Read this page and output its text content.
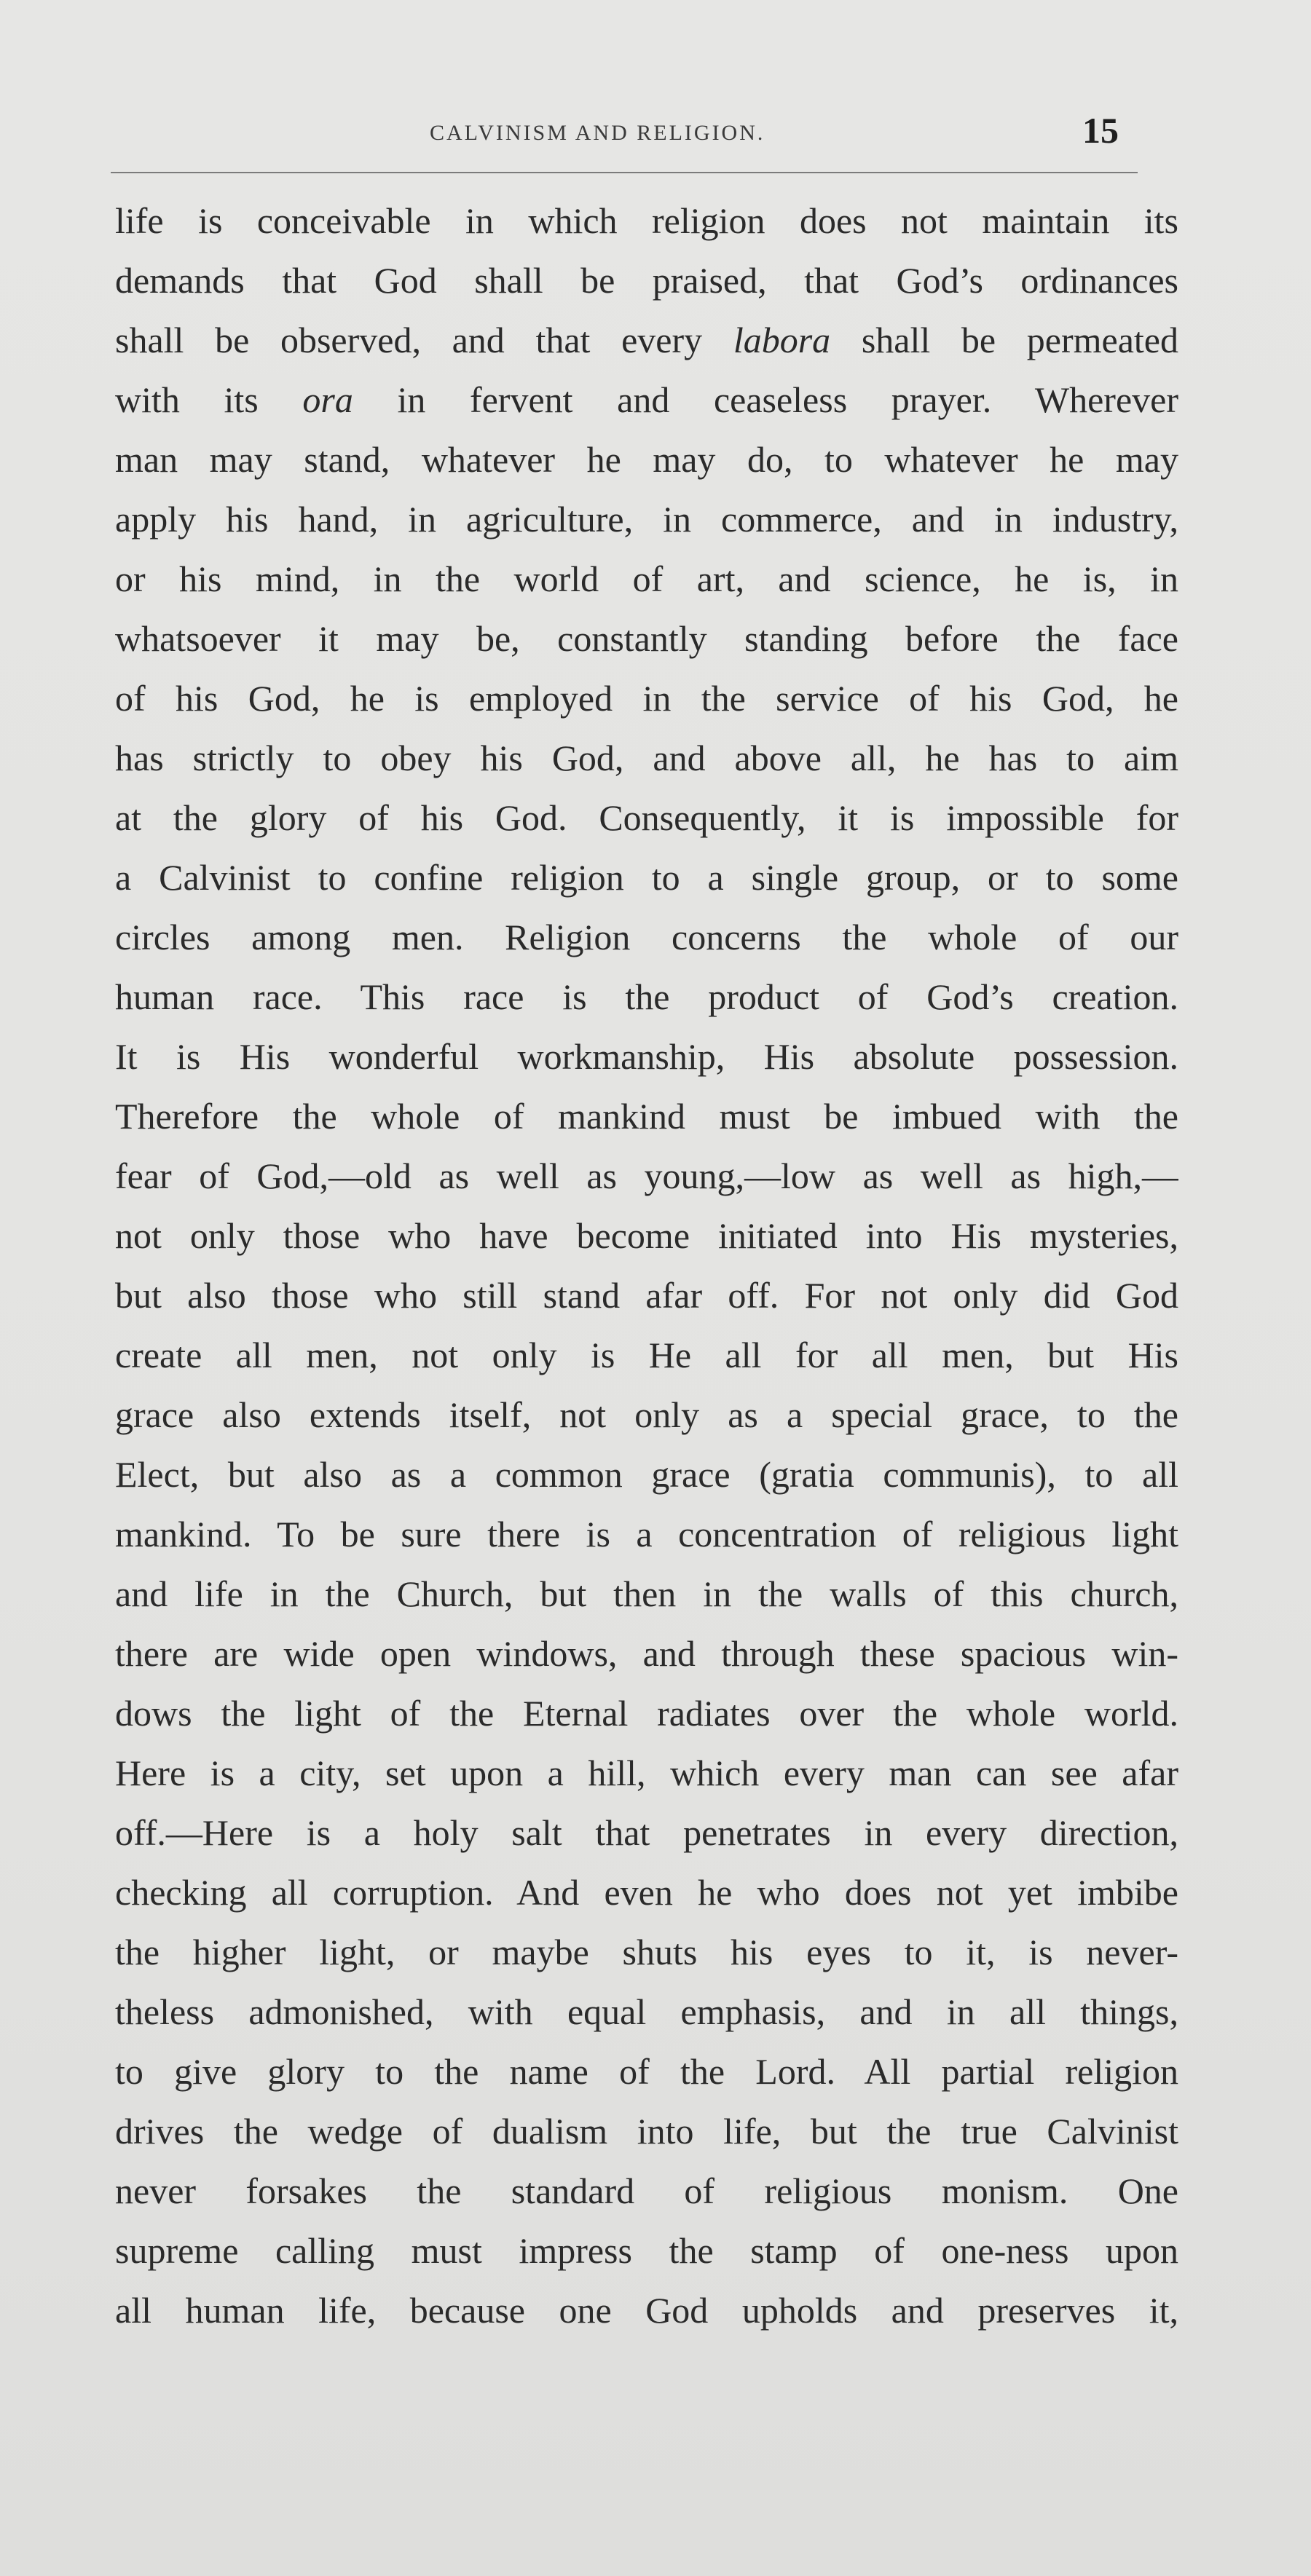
CALVINISM AND RELIGION.	15
life is conceivable in which religion does not maintain its
demands that God shall be praised, that God’s ordinances
shall be observed, and that every labora shall be permeated
with its ora in fervent and ceaseless prayer. Wherever
man may stand, whatever he may do, to whatever he may
apply his hand, in agriculture, in commerce, and in industry,
or his mind, in the world of art, and science, he is, in
whatsoever it may be, constantly standing before the face
of his God, he is employed in the service of his God, he
has strictly to obey his God, and above all, he has to aim
at the glory of his God. Consequently, it is impossible for
a Calvinist to confine religion to a single group, or to some
circles among men. Religion concerns the whole of our
human race. This race is the product of God’s creation.
It is His wonderful workmanship, His absolute possession.
Therefore the whole of mankind must be imbued with the
fear of God,—old as well as young,—low as well as high,—
not only those who have become initiated into His mysteries,
but also those who still stand afar off. For not only did God
create all men, not only is He all for all men, but His
grace also extends itself, not only as a special grace, to the
Elect, but also as a common grace (gratia communis), to all
mankind. To be sure there is a concentration of religious light
and life in the Church, but then in the walls of this church,
there are wide open windows, and through these spacious win-
dows the light of the Eternal radiates over the whole world.
Here is a city, set upon a hill, which every man can see afar
off.—Here is a holy salt that penetrates in every direction,
checking all corruption. And even he who does not yet imbibe
the higher light, or maybe shuts his eyes to it, is never-
theless admonished, with equal emphasis, and in all things,
to give glory to the name of the Lord. All partial religion
drives the wedge of dualism into life, but the true Calvinist
never forsakes the standard of religious monism. One
supreme calling must impress the stamp of one-ness upon
all human life, because one God upholds and preserves it,
